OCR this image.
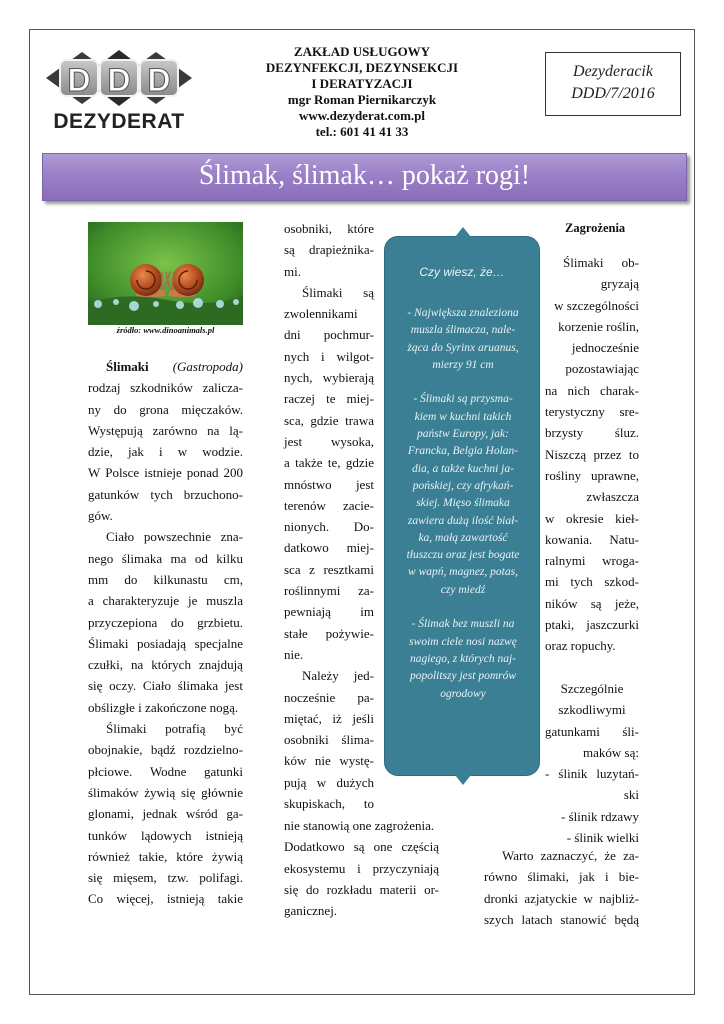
D D D
DEZYDERAT
ZAKŁAD USŁUGOWY
DEZYNFEKCJI, DEZYNSEKCJI
I DERATYZACJI
mgr Roman Piernikarczyk
www.dezyderat.com.pl
tel.: 601 41 41 33
Dezyderacik
DDD/7/2016
Ślimak, ślimak… pokaż rogi!
źródło: www.dinoanimals.pl
Ślimaki (Gastropoda)
rodzaj szkodników zalicza-
ny do grona mięczaków.
Występują zarówno na lą-
dzie, jak i w wodzie.
W Polsce istnieje ponad 200
gatunków tych brzuchono-
gów.
Ciało powszechnie zna-
nego ślimaka ma od kilku
mm do kilkunastu cm,
a charakteryzuje je muszla
przyczepiona do grzbietu.
Ślimaki posiadają specjalne
czułki, na których znajdują
się oczy. Ciało ślimaka jest
obślizgłe i zakończone nogą.
Ślimaki potrafią być
obojnakie, bądź rozdzielno-
płciowe. Wodne gatunki
ślimaków żywią się głównie
glonami, jednak wśród ga-
tunków lądowych istnieją
również takie, które żywią
się mięsem, tzw. polifagi.
Co więcej, istnieją takie
osobniki, które
są drapieżnika-
mi.
Ślimaki są
zwolennikami
dni pochmur-
nych i wilgot-
nych, wybierają
raczej te miej-
sca, gdzie trawa
jest wysoka,
a także te, gdzie
mnóstwo jest
terenów zacie-
nionych. Do-
datkowo miej-
sca z resztkami
roślinnymi za-
pewniają im
stałe pożywie-
nie.
Należy jed-
nocześnie pa-
miętać, iż jeśli
osobniki ślima-
ków nie wystę-
pują w dużych
skupiskach, to
nie stanowią one zagrożenia.
Dodatkowo są one częścią
ekosystemu i przyczyniają
się do rozkładu materii or-
ganicznej.
Czy wiesz, że…
- Największa znaleziona
muszla ślimacza, nale-
żąca do Syrinx aruanus,
mierzy 91 cm
- Ślimaki są przysma-
kiem w kuchni takich
państw Europy, jak:
Francka, Belgia Holan-
dia, a także kuchni ja-
pońskiej, czy afrykań-
skiej. Mięso ślimaka
zawiera dużą ilość biał-
ka, małą zawartość
tłuszczu oraz jest bogate
w wapń, magnez, potas,
czy miedź
- Ślimak bez muszli na
swoim ciele nosi nazwę
nagiego, z których naj-
popolitszy jest pomrów
ogrodowy
Zagrożenia
Ślimaki ob-
gryzają
w szczególności
korzenie roślin,
jednocześnie
pozostawiając
na nich charak-
terystyczny sre-
brzysty śluz.
Niszczą przez to
rośliny uprawne,
zwłaszcza
w okresie kieł-
kowania. Natu-
ralnymi wroga-
mi tych szkod-
ników są jeże,
ptaki, jaszczurki
oraz ropuchy.
Szczególnie
szkodliwymi
gatunkami śli-
maków są:
- ślinik luzytań-
ski
- ślinik rdzawy
- ślinik wielki
Warto zaznaczyć, że za-
równo ślimaki, jak i bie-
dronki azjatyckie w najbliż-
szych latach stanowić będą
